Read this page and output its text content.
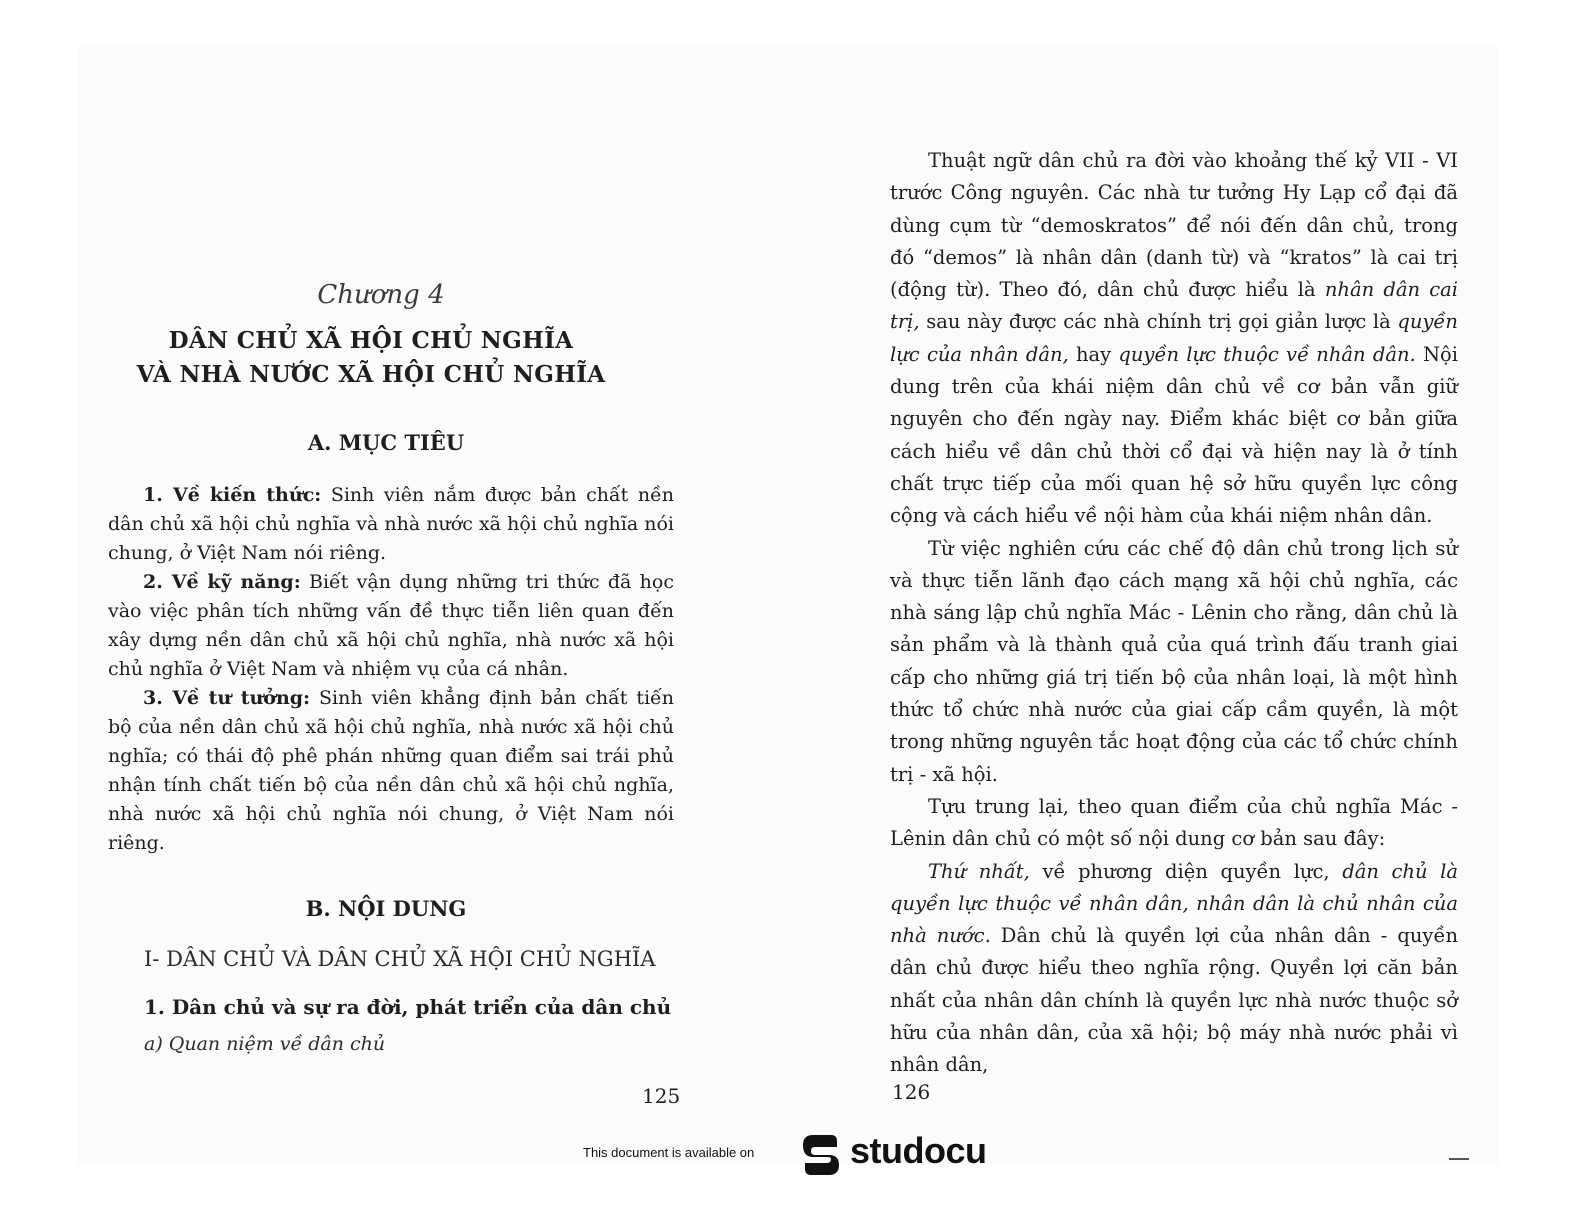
Chương 4
DÂN CHỦ XÃ HỘI CHỦ NGHĨA
VÀ NHÀ NƯỚC XÃ HỘI CHỦ NGHĨA
A. MỤC TIÊU

1. Về kiến thức: Sinh viên nắm được bản chất nền dân chủ xã hội chủ nghĩa và nhà nước xã hội chủ nghĩa nói chung, ở Việt Nam nói riêng.

2. Về kỹ năng: Biết vận dụng những tri thức đã học vào việc phân tích những vấn đề thực tiễn liên quan đến xây dựng nền dân chủ xã hội chủ nghĩa, nhà nước xã hội chủ nghĩa ở Việt Nam và nhiệm vụ của cá nhân.

3. Về tư tưởng: Sinh viên khẳng định bản chất tiến bộ của nền dân chủ xã hội chủ nghĩa, nhà nước xã hội chủ nghĩa; có thái độ phê phán những quan điểm sai trái phủ nhận tính chất tiến bộ của nền dân chủ xã hội chủ nghĩa, nhà nước xã hội chủ nghĩa nói chung, ở Việt Nam nói riêng.

B. NỘI DUNG
I- DÂN CHỦ VÀ DÂN CHỦ XÃ HỘI CHỦ NGHĨA
1. Dân chủ và sự ra đời, phát triển của dân chủ
a) Quan niệm về dân chủ

Thuật ngữ dân chủ ra đời vào khoảng thế kỷ VII - VI trước Công nguyên. Các nhà tư tưởng Hy Lạp cổ đại đã dùng cụm từ “demoskratos” để nói đến dân chủ, trong đó “demos” là nhân dân (danh từ) và “kratos” là cai trị (động từ). Theo đó, dân chủ được hiểu là nhân dân cai trị, sau này được các nhà chính trị gọi giản lược là quyền lực của nhân dân, hay quyền lực thuộc về nhân dân. Nội dung trên của khái niệm dân chủ về cơ bản vẫn giữ nguyên cho đến ngày nay. Điểm khác biệt cơ bản giữa cách hiểu về dân chủ thời cổ đại và hiện nay là ở tính chất trực tiếp của mối quan hệ sở hữu quyền lực công cộng và cách hiểu về nội hàm của khái niệm nhân dân.

Từ việc nghiên cứu các chế độ dân chủ trong lịch sử và thực tiễn lãnh đạo cách mạng xã hội chủ nghĩa, các nhà sáng lập chủ nghĩa Mác - Lênin cho rằng, dân chủ là sản phẩm và là thành quả của quá trình đấu tranh giai cấp cho những giá trị tiến bộ của nhân loại, là một hình thức tổ chức nhà nước của giai cấp cầm quyền, là một trong những nguyên tắc hoạt động của các tổ chức chính trị - xã hội.

Tựu trung lại, theo quan điểm của chủ nghĩa Mác - Lênin dân chủ có một số nội dung cơ bản sau đây:

Thứ nhất, về phương diện quyền lực, dân chủ là quyền lực thuộc về nhân dân, nhân dân là chủ nhân của nhà nước. Dân chủ là quyền lợi của nhân dân - quyền dân chủ được hiểu theo nghĩa rộng. Quyền lợi căn bản nhất của nhân dân chính là quyền lực nhà nước thuộc sở hữu của nhân dân, của xã hội; bộ máy nhà nước phải vì nhân dân,

125	126
This document is available on	studocu
